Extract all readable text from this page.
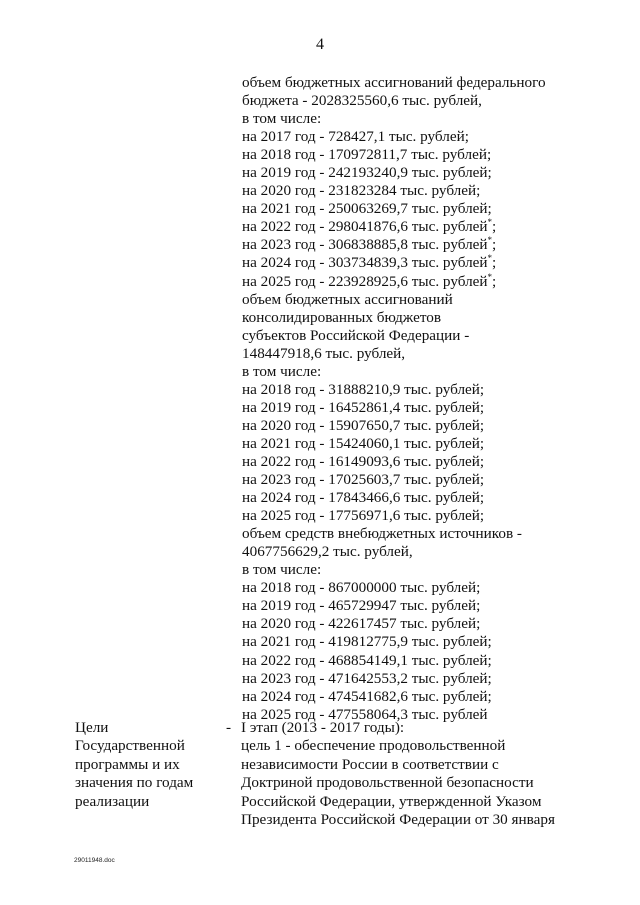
4
объем бюджетных ассигнований федерального
бюджета - 2028325560,6 тыс. рублей,
в том числе:
на 2017 год - 728427,1 тыс. рублей;
на 2018 год - 170972811,7 тыс. рублей;
на 2019 год - 242193240,9 тыс. рублей;
на 2020 год - 231823284 тыс. рублей;
на 2021 год - 250063269,7 тыс. рублей;
на 2022 год - 298041876,6 тыс. рублей*;
на 2023 год - 306838885,8 тыс. рублей*;
на 2024 год - 303734839,3 тыс. рублей*;
на 2025 год - 223928925,6 тыс. рублей*;
объем бюджетных ассигнований
консолидированных бюджетов
субъектов Российской Федерации -
148447918,6 тыс. рублей,
в том числе:
на 2018 год - 31888210,9 тыс. рублей;
на 2019 год - 16452861,4 тыс. рублей;
на 2020 год - 15907650,7 тыс. рублей;
на 2021 год - 15424060,1 тыс. рублей;
на 2022 год - 16149093,6 тыс. рублей;
на 2023 год - 17025603,7 тыс. рублей;
на 2024 год - 17843466,6 тыс. рублей;
на 2025 год - 17756971,6 тыс. рублей;
объем средств внебюджетных источников -
4067756629,2 тыс. рублей,
в том числе:
на 2018 год - 867000000 тыс. рублей;
на 2019 год - 465729947 тыс. рублей;
на 2020 год - 422617457 тыс. рублей;
на 2021 год - 419812775,9 тыс. рублей;
на 2022 год - 468854149,1 тыс. рублей;
на 2023 год - 471642553,2 тыс. рублей;
на 2024 год - 474541682,6 тыс. рублей;
на 2025 год - 477558064,3 тыс. рублей
Цели
Государственной
программы и их
значения по годам
реализации
- I этап (2013 - 2017 годы):
цель 1 - обеспечение продовольственной
независимости России в соответствии с
Доктриной продовольственной безопасности
Российской Федерации, утвержденной Указом
Президента Российской Федерации от 30 января
29011948.doc
